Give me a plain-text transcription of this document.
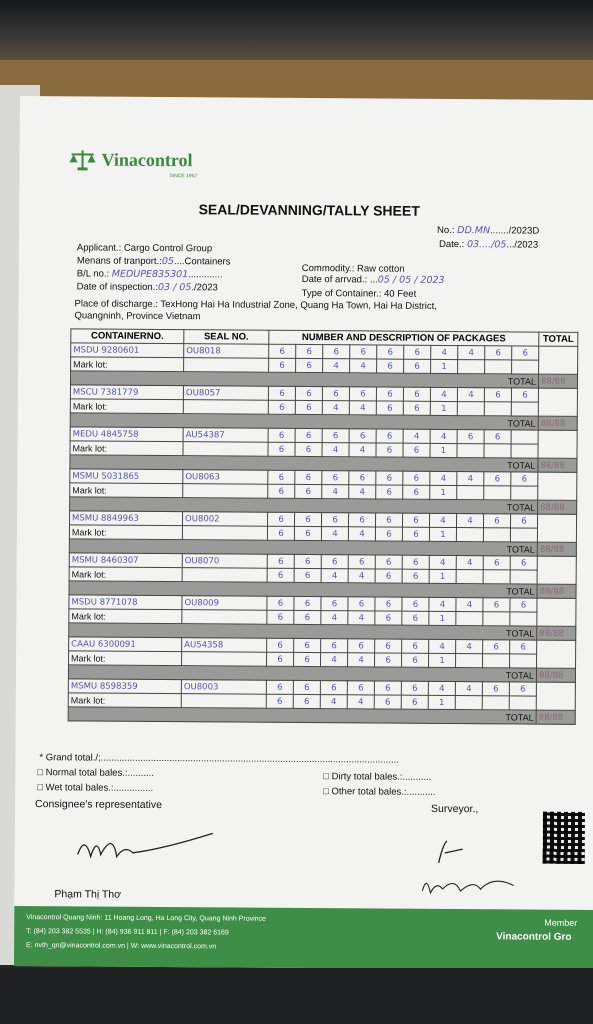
Vinacontrol
SINCE 1957
SEAL/DEVANNING/TALLY SHEET
No.: DD.MN......./2023D
Date.: 03..../05.../2023
Applicant.: Cargo Control Group
Menans of tranport.:05....Containers
B/L no.: MEDUPE835301.............
Date of inspection.:03 / 05./2023
Commodity.: Raw cotton
Date of arrvad.: ...05 / 05 / 2023
Type of Container.: 40 Feet
Place of discharge.: TexHong Hai Ha Industrial Zone, Quang Ha Town, Hai Ha District,
Quangninh, Province Vietnam
CONTAINERNO.	SEAL NO.	NUMBER AND DESCRIPTION OF PACKAGES										TOTAL
MSDU 9280601	OU8018	6	6	6	6	6	6	4	4	6	6	
Mark lot:		6	6	4	4	6	6	1				
TOTAL												88/88
MSCU 7381779	OU8057	6	6	6	6	6	6	4	4	6	6	
Mark lot:		6	6	4	4	6	6	1				
TOTAL												88/88
MEDU 4845758	AU54387	6	6	6	6	6	4	4	6	6		
Mark lot:		6	6	4	4	6	6	1				
TOTAL												88/88
MSMU 5031865	OU8063	6	6	6	6	6	6	4	4	6	6	
Mark lot:		6	6	4	4	6	6	1				
TOTAL												88/88
MSMU 8849963	OU8002	6	6	6	6	6	6	4	4	6	6	
Mark lot:		6	6	4	4	6	6	1				
TOTAL												88/88
MSMU 8460307	OU8070	6	6	6	6	6	6	4	4	6	6	
Mark lot:		6	6	4	4	6	6	1				
TOTAL												88/88
MSDU 8771078	OU8009	6	6	6	6	6	6	4	4	6	6	
Mark lot:		6	6	4	4	6	6	1				
TOTAL												88/88
CAAU 6300091	AU54358	6	6	6	6	6	6	4	4	6	6	
Mark lot:		6	6	4	4	6	6	1				
TOTAL												88/88
MSMU 8598359	OU8003	6	6	6	6	6	6	4	4	6	6	
Mark lot:		6	6	4	4	6	6	1				
TOTAL												88/88
* Grand total./;.................................................................................................................
□ Normal total bales.:..........
□ Wet total bales.:...............
□ Dirty total bales.:...........
□ Other total bales.:...........
Consignee's representative	Surveyor.,
Phạm Thị Thơ
Vinacontrol Quang Ninh: 11 Hoang Long, Ha Long City, Quang Ninh Province
T: (84) 203 382 5535 | H: (84) 936 911 811 | F: (84) 203 382 6169
E: nvth_qn@vinacontrol.com.vn | W: www.vinacontrol.com.vn
Member
Vinacontrol Gro
